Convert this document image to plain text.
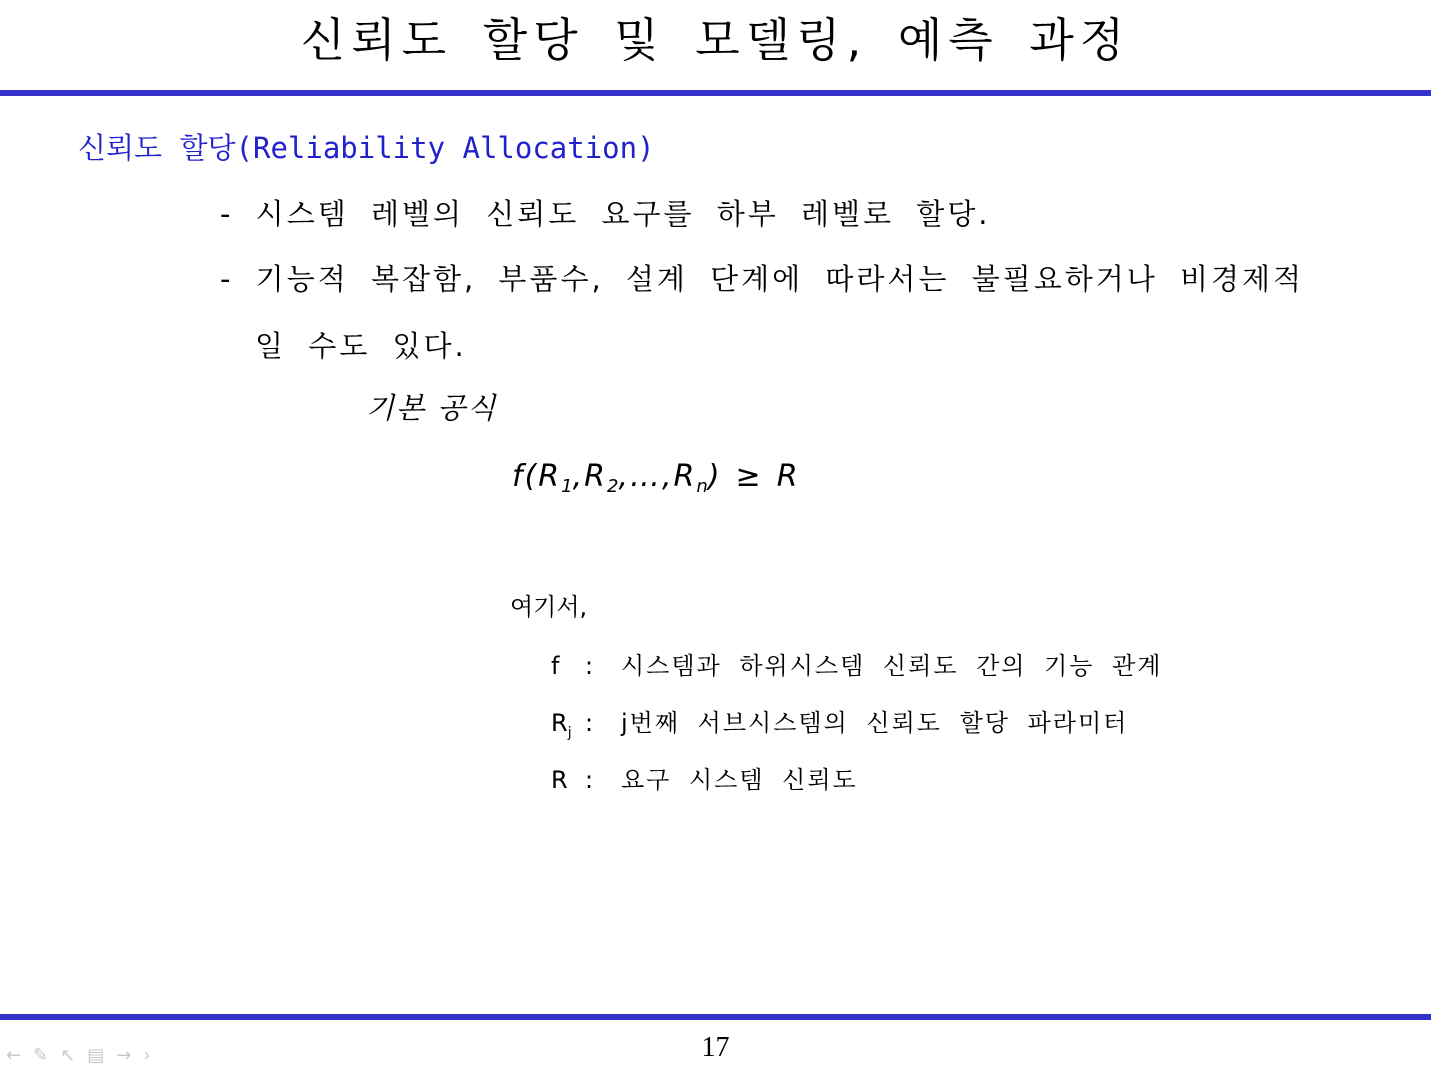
신뢰도 할당 및 모델링, 예측 과정
신뢰도 할당(Reliability Allocation)
- 시스템 레벨의 신뢰도 요구를 하부 레벨로 할당.
- 기능적 복잡함, 부품수, 설계 단계에 따라서는 불필요하거나 비경제적
일 수도 있다.
기본 공식
$f(R_1,R_2,\dots,R_n) \ge R$
여기서,
f : 시스템과 하위시스템 신뢰도 간의 기능 관계
$R_j$ : j번째 서브시스템의 신뢰도 할당 파라미터
R : 요구 시스템 신뢰도
17
← ✎ ↖ ▤ → ›
